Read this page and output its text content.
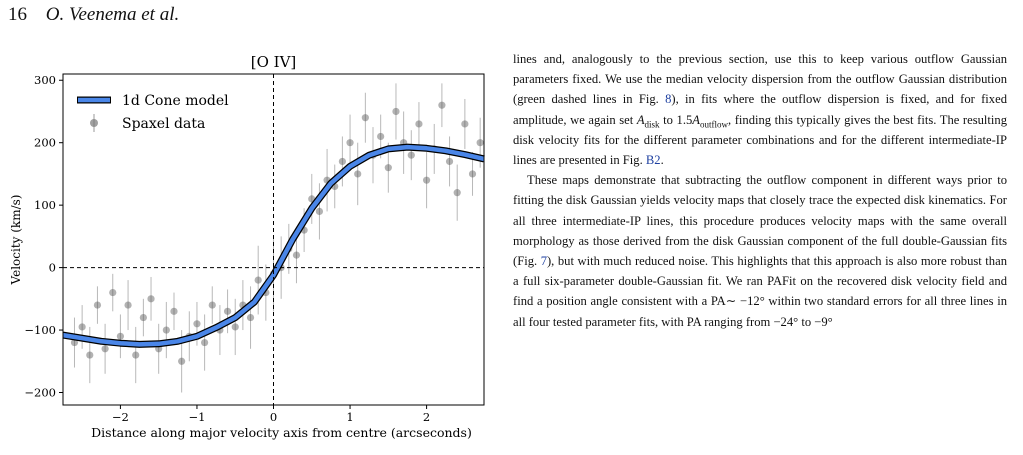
16 O. Veenema et al.
−2	−1	0	1	2
−200
−100
0
100
200
300
[O IV]
Distance along major velocity axis from centre (arcseconds)
Velocity (km/s)
1d Cone model
Spaxel data

lines and, analogously to the previous section, use this to keep various outflow Gaussian parameters fixed. We use the median velocity dispersion from the outflow Gaussian distribution (green dashed lines in Fig. 8), in fits where the outflow dispersion is fixed, and for fixed amplitude, we again set $A_{disk}$ to $1.5A_{outflow}$, finding this typically gives the best fits. The resulting disk velocity fits for the different parameter combinations and for the different intermediate-IP lines are presented in Fig. B2.

These maps demonstrate that subtracting the outflow component in different ways prior to fitting the disk Gaussian yields velocity maps that closely trace the expected disk kinematics. For all three intermediate-IP lines, this procedure produces velocity maps with the same overall morphology as those derived from the disk Gaussian component of the full double-Gaussian fits (Fig. 7), but with much reduced noise. This highlights that this approach is also more robust than a full six-parameter double-Gaussian fit. We ran PAFit on the recovered disk velocity field and find a position angle consistent with a PA∼ −12° within two standard errors for all three lines in all four tested parameter fits, with PA ranging from −24° to −9°
